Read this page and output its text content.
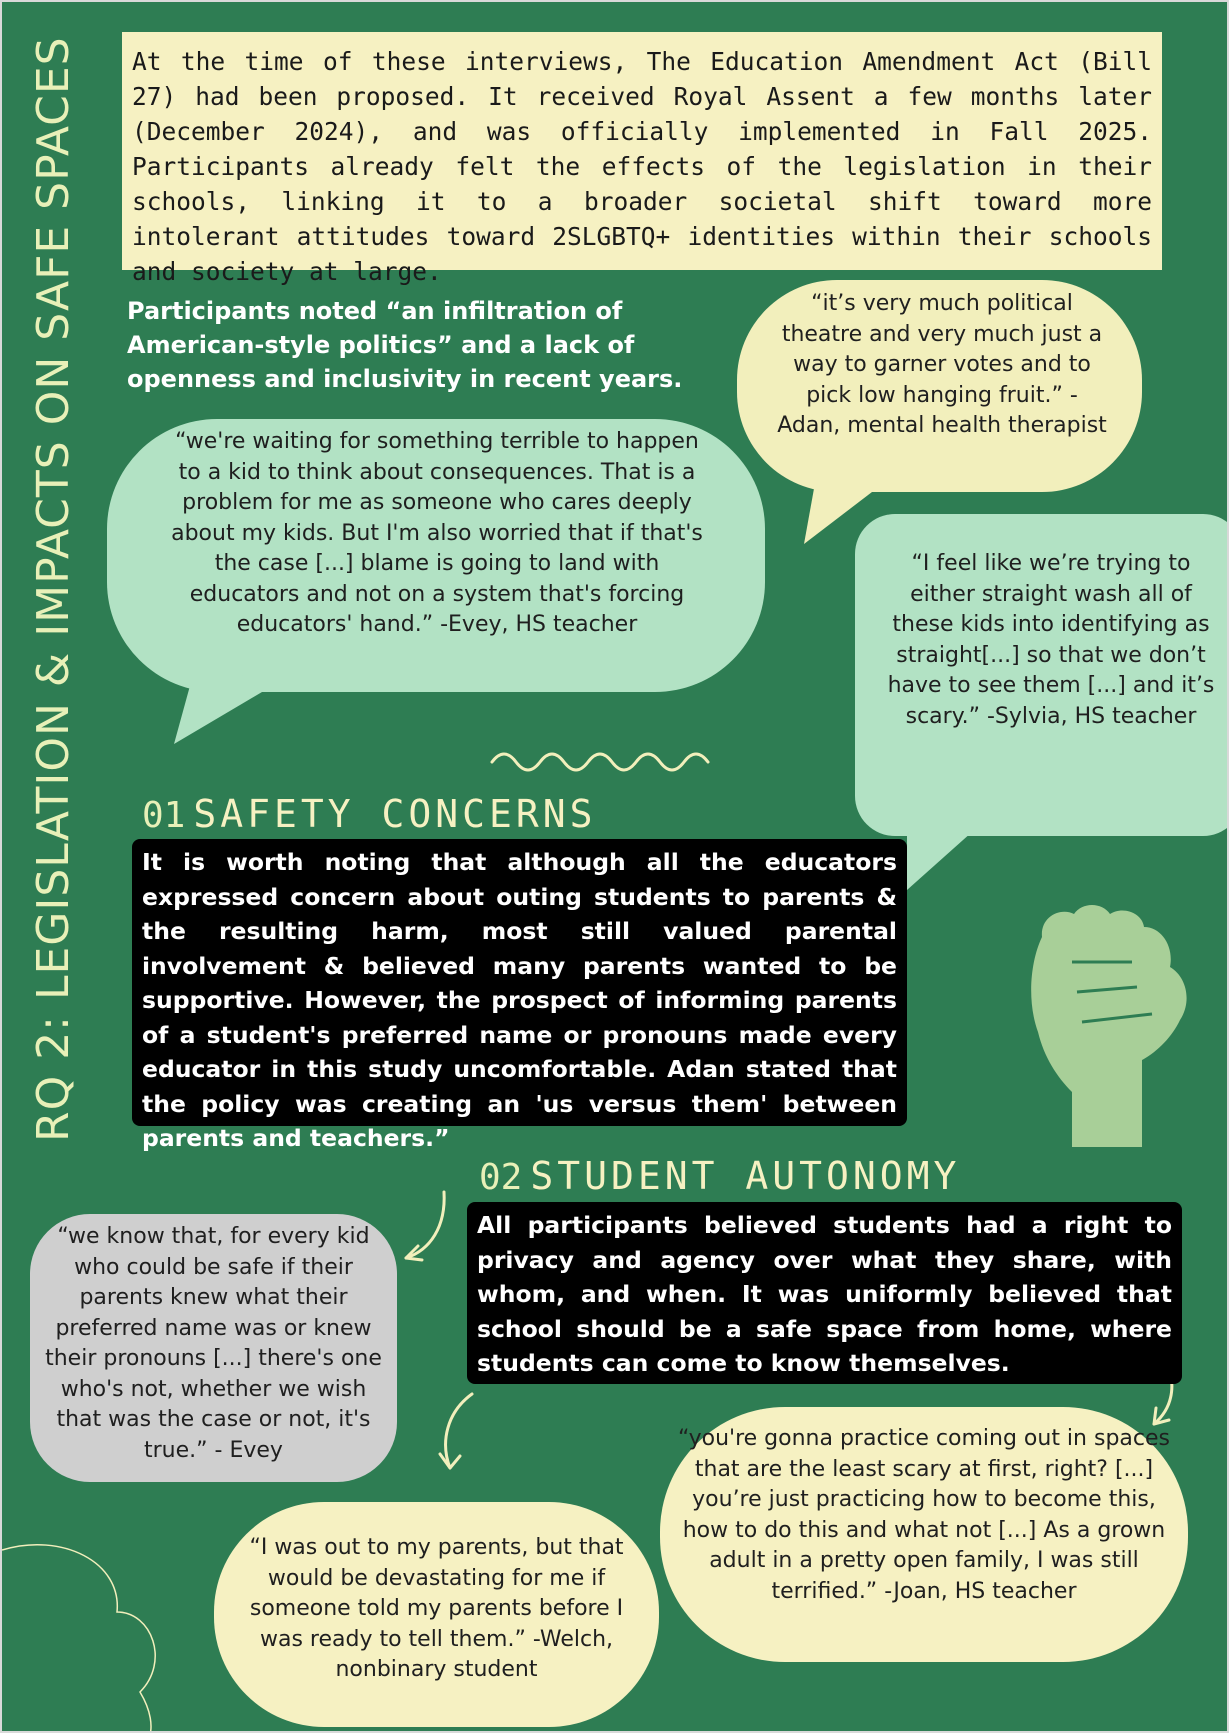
RQ 2: LEGISLATION & IMPACTS ON SAFE SPACES	At the time of these interviews, The Education Amendment Act (Bill 27) had been proposed. It received Royal Assent a few months later (December 2024), and was officially implemented in Fall 2025. Participants already felt the effects of the legislation in their schools, linking it to a broader societal shift toward more intolerant attitudes toward 2SLGBTQ+ identities within their schools and society at large.
Participants noted “an infiltration of American-style politics” and a lack of openness and inclusivity in recent years.
“it’s very much political theatre and very much just a way to garner votes and to pick low hanging fruit.” -Adan, mental health therapist
“we're waiting for something terrible to happen to a kid to think about consequences. That is a problem for me as someone who cares deeply about my kids. But I'm also worried that if that's the case [...] blame is going to land with educators and not on a system that's forcing educators' hand.” -Evey, HS teacher
“I feel like we’re trying to either straight wash all of these kids into identifying as straight[...] so that we don’t have to see them [...] and it’s scary.” -Sylvia, HS teacher
01 SAFETY CONCERNS
It is worth noting that although all the educators expressed concern about outing students to parents & the resulting harm, most still valued parental involvement & believed many parents wanted to be supportive. However, the prospect of informing parents of a student's preferred name or pronouns made every educator in this study uncomfortable. Adan stated that the policy was creating an 'us versus them' between parents and teachers.”
02 STUDENT AUTONOMY
All participants believed students had a right to privacy and agency over what they share, with whom, and when. It was uniformly believed that school should be a safe space from home, where students can come to know themselves.
“we know that, for every kid who could be safe if their parents knew what their preferred name was or knew their pronouns [...] there's one who's not, whether we wish that was the case or not, it's true.” - Evey	“you're gonna practice coming out in spaces that are the least scary at first, right? [...] you’re just practicing how to become this, how to do this and what not [...] As a grown adult in a pretty open family, I was still terrified.” -Joan, HS teacher
“I was out to my parents, but that would be devastating for me if someone told my parents before I was ready to tell them.” -Welch, nonbinary student
